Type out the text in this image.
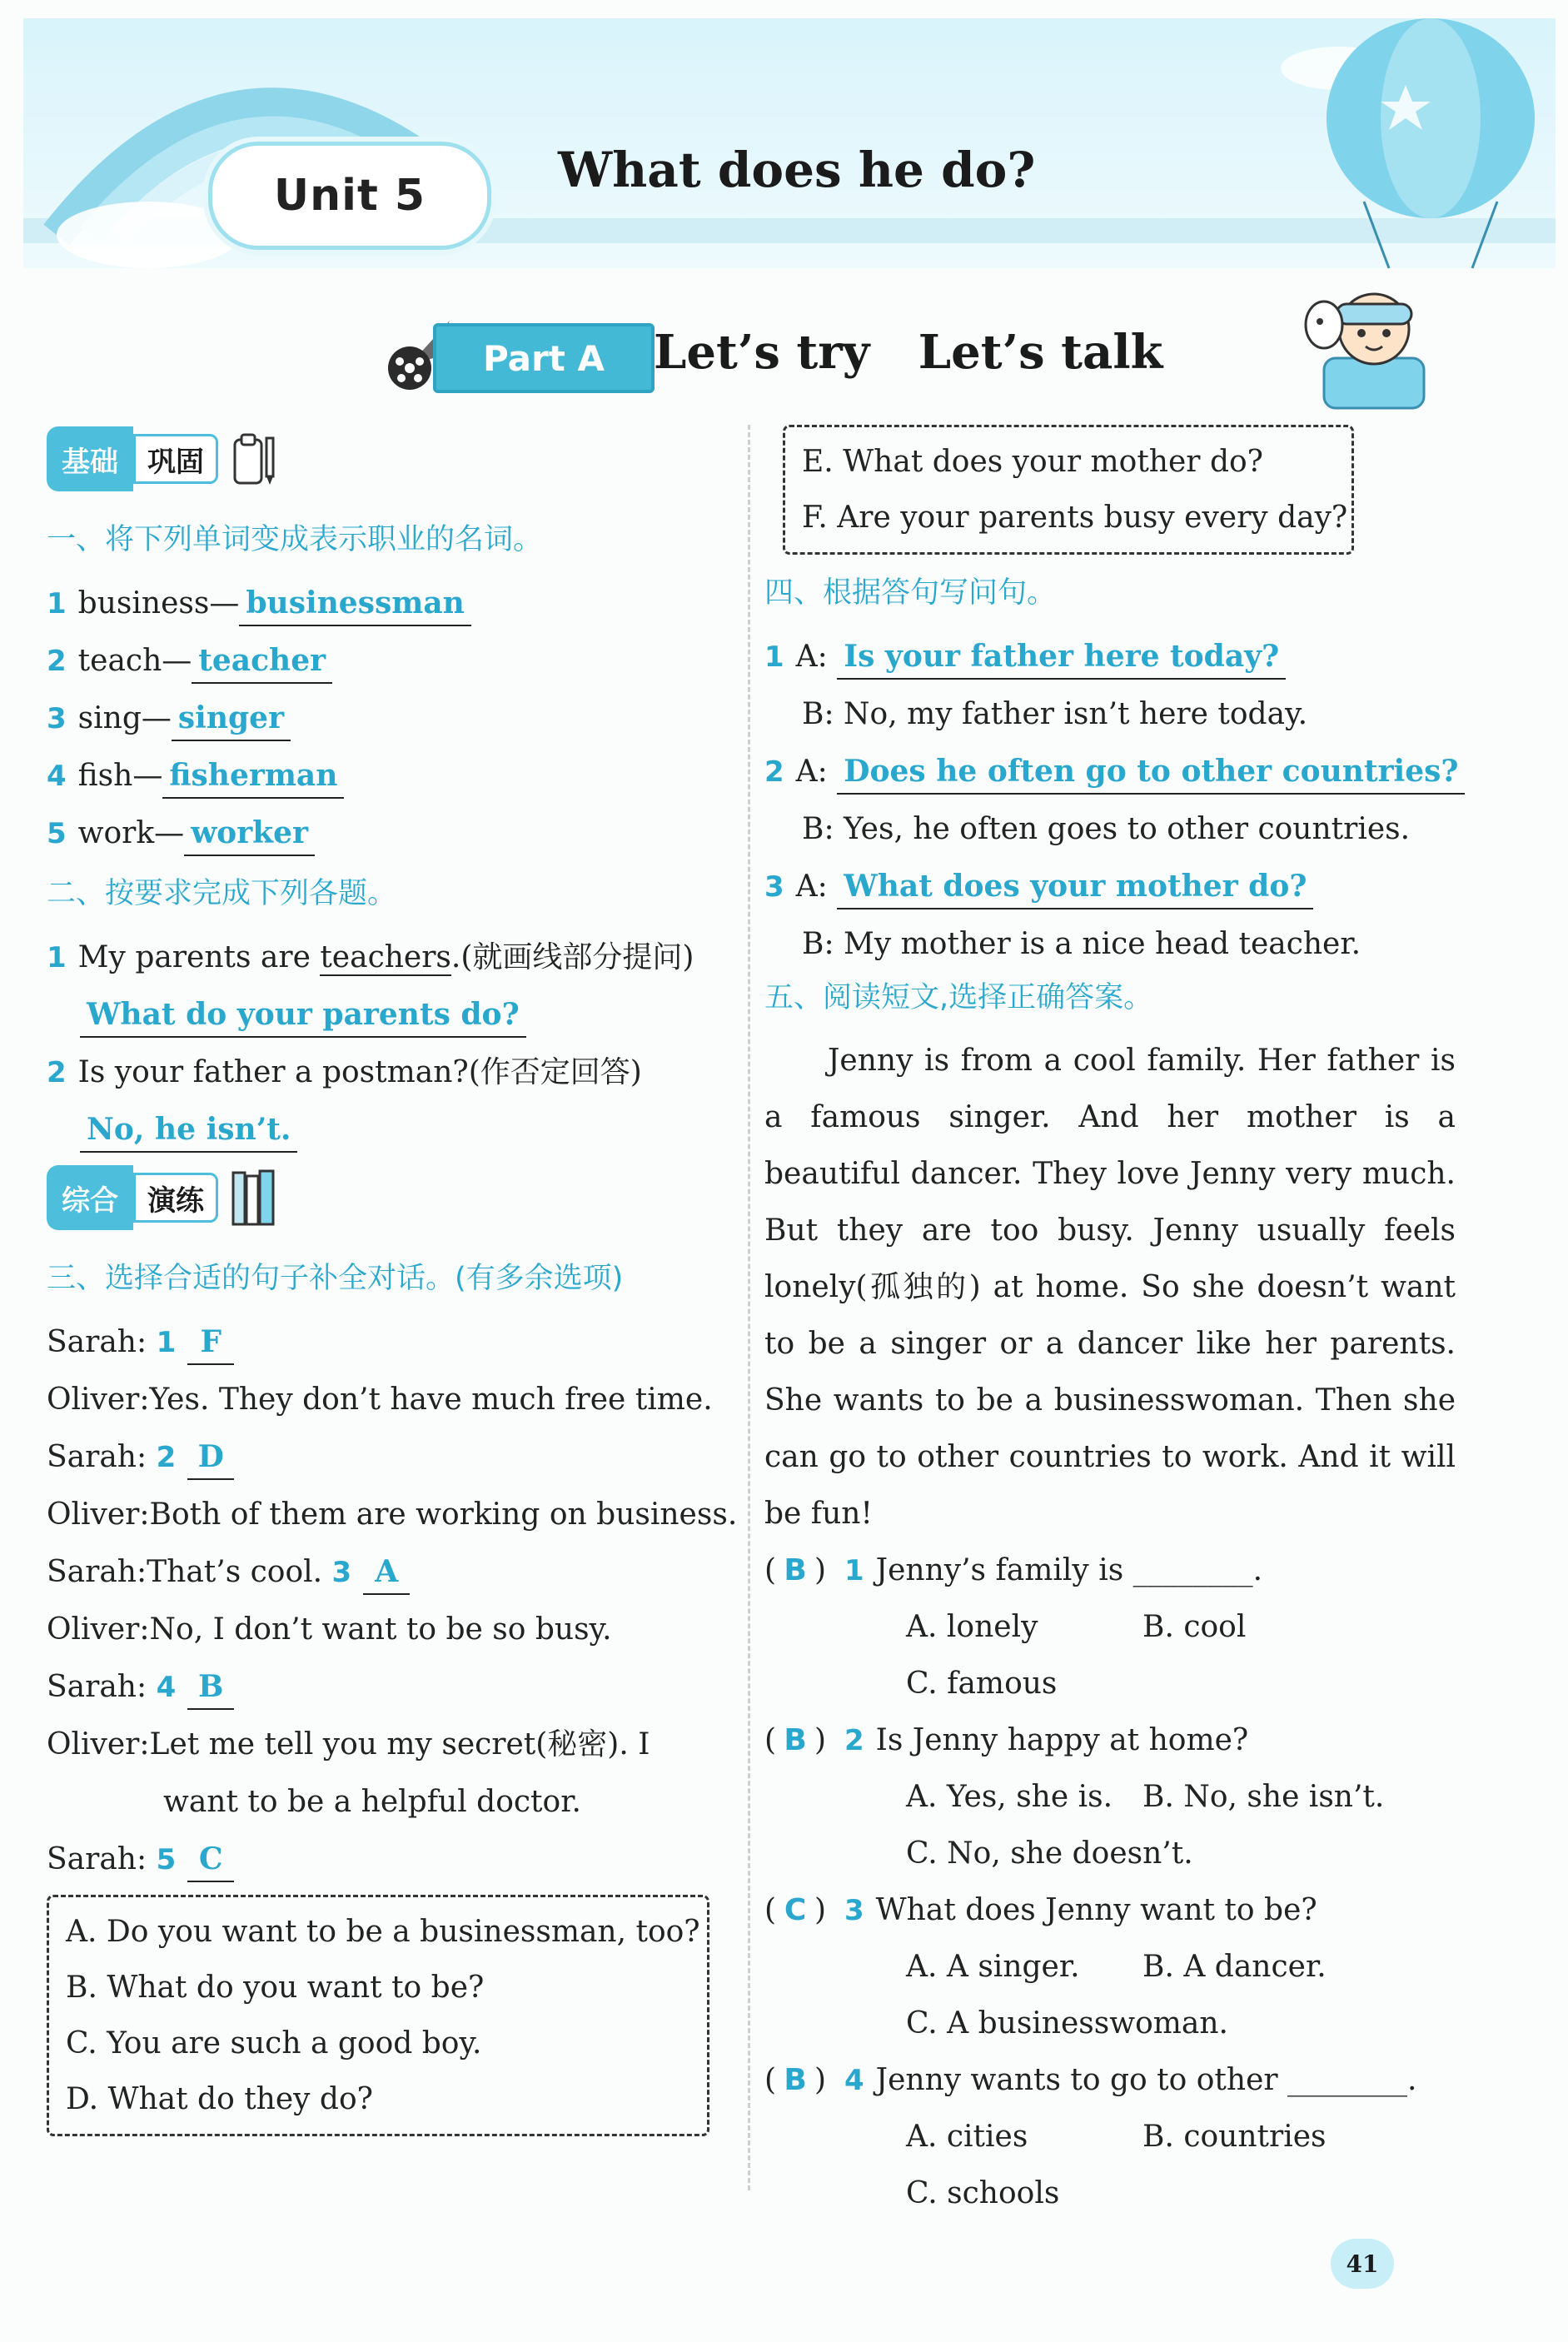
Unit 5	What does he do?
Part A	Let’s try   Let’s talk
基础	巩固
一、将下列单词变成表示职业的名词。
1 business— businessman
2 teach— teacher
3 sing— singer
4 fish— fisherman
5 work— worker
二、按要求完成下列各题。
1 My parents are teachers.(就画线部分提问)
What do your parents do?
2 Is your father a postman?(作否定回答)
No, he isn’t.
综合	演练
三、选择合适的句子补全对话。(有多余选项)
Sarah: 1 F
Oliver:Yes. They don’t have much free time.
Sarah: 2 D
Oliver:Both of them are working on business.
Sarah:That’s cool. 3 A
Oliver:No, I don’t want to be so busy.
Sarah: 4 B
Oliver:Let me tell you my secret(秘密). I
want to be a helpful doctor.
Sarah: 5 C
A. Do you want to be a businessman, too?
B. What do you want to be?
C. You are such a good boy.
D. What do they do?
E. What does your mother do?
F. Are your parents busy every day?
四、根据答句写问句。
1 A: Is your father here today?
B: No, my father isn’t here today.
2 A: Does he often go to other countries?
B: Yes, he often goes to other countries.
3 A: What does your mother do?
B: My mother is a nice head teacher.
五、阅读短文,选择正确答案。

Jenny is from a cool family. Her father is a famous singer. And her mother is a beautiful dancer. They love Jenny very much. But they are too busy. Jenny usually feels lonely(孤独的) at home. So she doesn’t want to be a singer or a dancer like her parents. She wants to be a businesswoman. Then she can go to other countries to work. And it will be fun!

( B ) 1 Jenny’s family is ________.
A. lonely	B. cool
C. famous
( B ) 2 Is Jenny happy at home?
A. Yes, she is. B. No, she isn’t.
C. No, she doesn’t.
( C ) 3 What does Jenny want to be?
A. A singer. B. A dancer.
C. A businesswoman.
( B ) 4 Jenny wants to go to other ________.
A. cities	B. countries
C. schools
41
